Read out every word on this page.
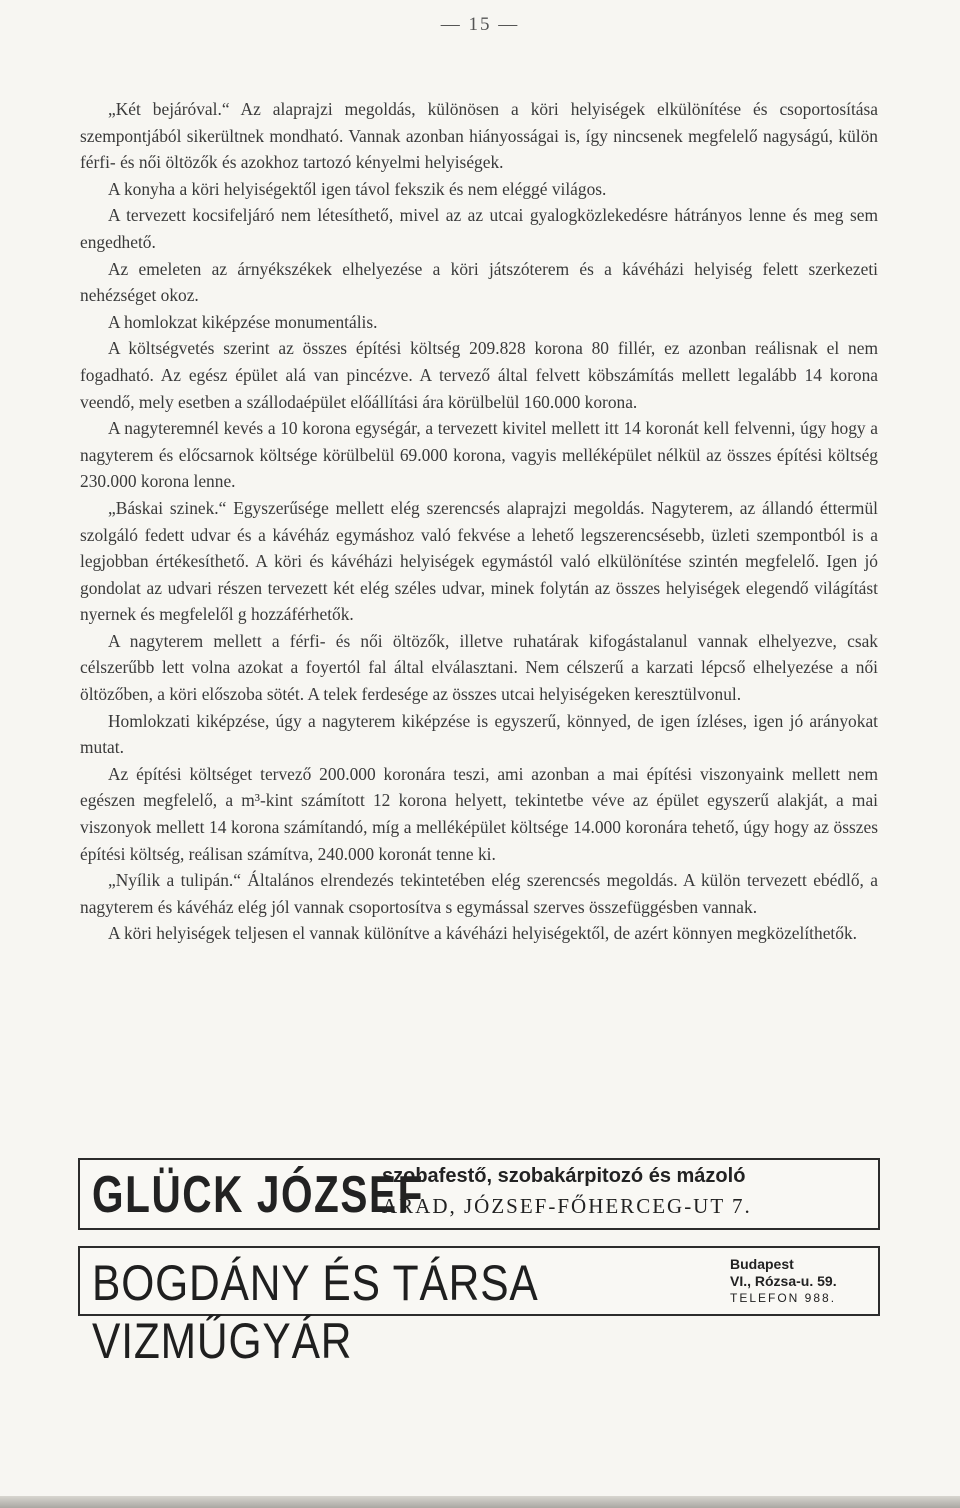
— 15 —

„Két bejáróval.“ Az alaprajzi megoldás, különösen a köri helyiségek elkülönítése és csoportosítása szempontjából sikerültnek mondható. Vannak azonban hiányosságai is, így nincsenek megfelelő nagyságú, külön férfi- és női öltözők és azokhoz tartozó kényelmi helyiségek.

A konyha a köri helyiségektől igen távol fekszik és nem eléggé világos.

A tervezett kocsifeljáró nem létesíthető, mivel az az utcai gyalogközlekedésre hátrányos lenne és meg sem engedhető.

Az emeleten az árnyékszékek elhelyezése a köri játszóterem és a kávéházi helyiség felett szerkezeti nehézséget okoz.

A homlokzat kiképzése monumentális.

A költségvetés szerint az összes építési költség 209.828 korona 80 fillér, ez azonban reálisnak el nem fogadható. Az egész épület alá van pincézve. A tervező által felvett köbszámítás mellett legalább 14 korona veendő, mely esetben a szállodaépület előállítási ára körülbelül 160.000 korona.

A nagyteremnél kevés a 10 korona egységár, a tervezett kivitel mellett itt 14 koronát kell felvenni, úgy hogy a nagyterem és előcsarnok költsége körülbelül 69.000 korona, vagyis melléképület nélkül az összes építési költség 230.000 korona lenne.

„Báskai szinek.“ Egyszerűsége mellett elég szerencsés alaprajzi megoldás. Nagyterem, az állandó éttermül szolgáló fedett udvar és a kávéház egymáshoz való fekvése a lehető legszerencsésebb, üzleti szempontból is a legjobban értékesíthető. A köri és kávéházi helyiségek egymástól való elkülönítése szintén megfelelő. Igen jó gondolat az udvari részen tervezett két elég széles udvar, minek folytán az összes helyiségek elegendő világítást nyernek és megfelelől g hozzáférhetők.

A nagyterem mellett a férfi- és női öltözők, illetve ruhatárak kifogástalanul vannak elhelyezve, csak célszerűbb lett volna azokat a foyertól fal által elválasztani. Nem célszerű a karzati lépcső elhelyezése a női öltözőben, a köri előszoba sötét. A telek ferdesége az összes utcai helyiségeken keresztülvonul.

Homlokzati kiképzése, úgy a nagyterem kiképzése is egyszerű, könnyed, de igen ízléses, igen jó arányokat mutat.

Az építési költséget tervező 200.000 koronára teszi, ami azonban a mai építési viszonyaink mellett nem egészen megfelelő, a m³-kint számított 12 korona helyett, tekintetbe véve az épület egyszerű alakját, a mai viszonyok mellett 14 korona számítandó, míg a melléképület költsége 14.000 koronára tehető, úgy hogy az összes építési költség, reálisan számítva, 240.000 koronát tenne ki.

„Nyílik a tulipán.“ Általános elrendezés tekintetében elég szerencsés megoldás. A külön tervezett ebédlő, a nagyterem és kávéház elég jól vannak csoportosítva s egymással szerves összefüggésben vannak.

A köri helyiségek teljesen el vannak különítve a kávéházi helyiségektől, de azért könnyen megközelíthetők.

GLÜCK JÓZSEF
szobafestő, szobakárpitozó és mázoló
ARAD, JÓZSEF-FŐHERCEG-UT 7.
BOGDÁNY ÉS TÁRSA VIZMŰGYÁR
Budapest
VI., Rózsa-u. 59.
TELEFON 988.
